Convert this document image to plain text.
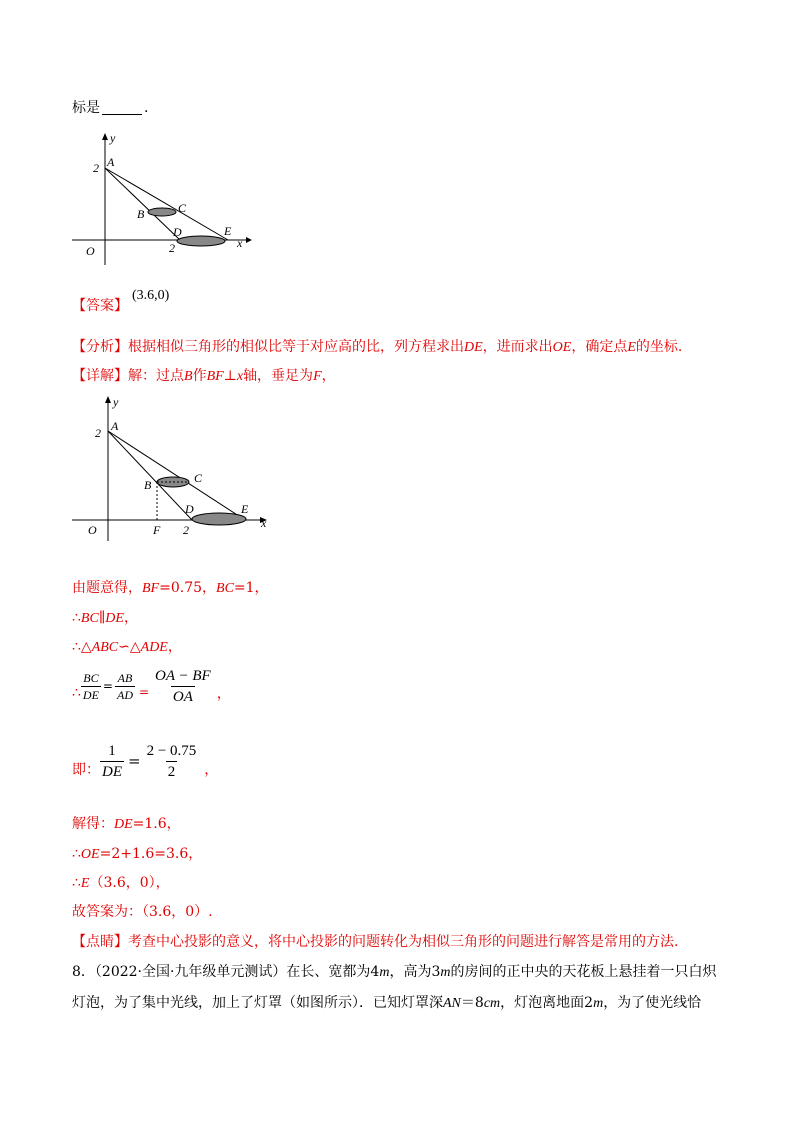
标是	.
y
2 A
B	C
D	E
O	2	x
【答案】
(3.6,0)
【分析】根据相似三角形的相似比等于对应高的比，列方程求出DE，进而求出OE，确定点E的坐标.
【详解】解：过点B作BF⊥x轴，垂足为F，
y
2 A
B	C
D	E
F
O	2	x
由题意得，BF=0.75，BC=1，
∴BC∥DE，
∴△ABC∽△ADE，
∴ $\frac{BC}{DE} = \frac{AB}{AD} = \frac{OA - BF}{OA}$ ，
即： $\frac{1}{DE} = \frac{2 - 0.75}{2}$ ，
解得：DE=1.6，
∴OE=2+1.6=3.6，
∴E（3.6，0），
故答案为：（3.6，0）.
【点睛】考查中心投影的意义，将中心投影的问题转化为相似三角形的问题进行解答是常用的方法.
8．（2022·全国·九年级单元测试）在长、宽都为4m，高为3m的房间的正中央的天花板上悬挂着一只白炽
灯泡，为了集中光线，加上了灯罩（如图所示）．已知灯罩深AN＝8cm，灯泡离地面2m，为了使光线恰
